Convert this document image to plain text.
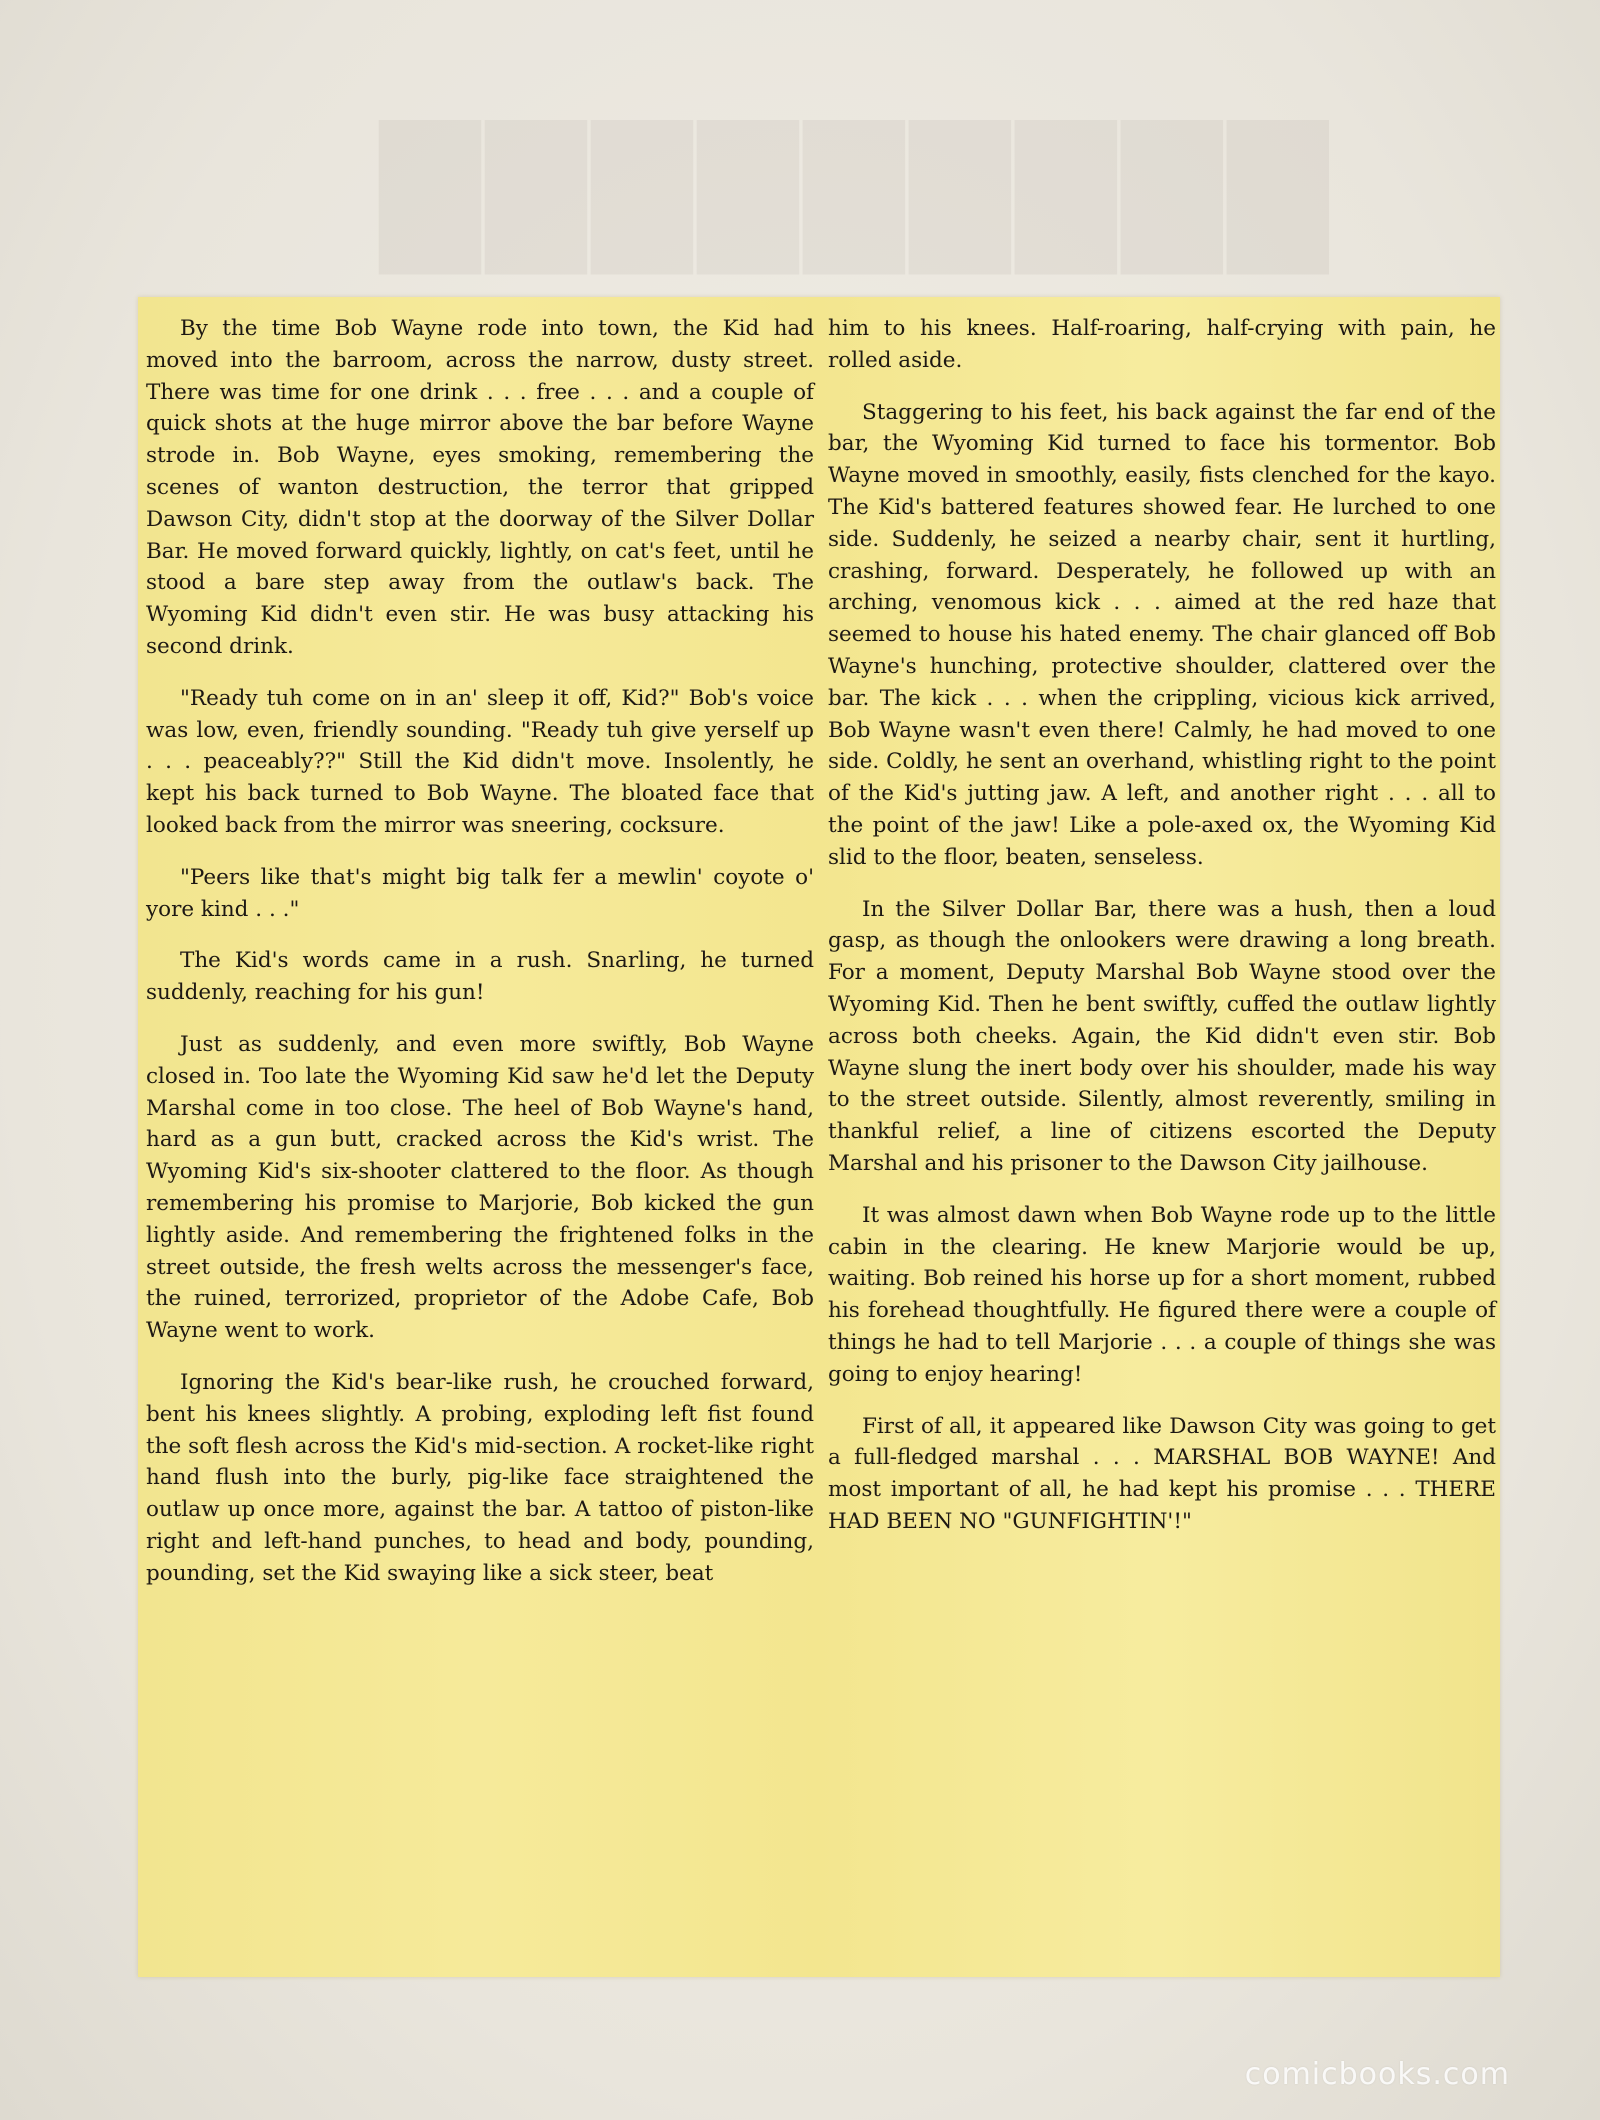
█████████

By the time Bob Wayne rode into town, the Kid had moved into the barroom, across the narrow, dusty street. There was time for one drink . . . free . . . and a couple of quick shots at the huge mirror above the bar before Wayne strode in. Bob Wayne, eyes smoking, remembering the scenes of wanton destruction, the terror that gripped Dawson City, didn't stop at the doorway of the Silver Dollar Bar. He moved forward quickly, lightly, on cat's feet, until he stood a bare step away from the outlaw's back. The Wyoming Kid didn't even stir. He was busy attacking his second drink.

"Ready tuh come on in an' sleep it off, Kid?" Bob's voice was low, even, friendly sounding. "Ready tuh give yerself up . . . peaceably??" Still the Kid didn't move. Insolently, he kept his back turned to Bob Wayne. The bloated face that looked back from the mirror was sneering, cocksure.

"Peers like that's might big talk fer a mewlin' coyote o' yore kind . . ."

The Kid's words came in a rush. Snarling, he turned suddenly, reaching for his gun!

Just as suddenly, and even more swiftly, Bob Wayne closed in. Too late the Wyoming Kid saw he'd let the Deputy Marshal come in too close. The heel of Bob Wayne's hand, hard as a gun butt, cracked across the Kid's wrist. The Wyoming Kid's six-shooter clattered to the floor. As though remembering his promise to Marjorie, Bob kicked the gun lightly aside. And remembering the frightened folks in the street outside, the fresh welts across the messenger's face, the ruined, terrorized, proprietor of the Adobe Cafe, Bob Wayne went to work.

Ignoring the Kid's bear-like rush, he crouched forward, bent his knees slightly. A probing, exploding left fist found the soft flesh across the Kid's mid-section. A rocket-like right hand flush into the burly, pig-like face straightened the outlaw up once more, against the bar. A tattoo of piston-like right and left-hand punches, to head and body, pounding, pounding, set the Kid swaying like a sick steer, beat

him to his knees. Half-roaring, half-crying with pain, he rolled aside.

Staggering to his feet, his back against the far end of the bar, the Wyoming Kid turned to face his tormentor. Bob Wayne moved in smoothly, easily, fists clenched for the kayo. The Kid's battered features showed fear. He lurched to one side. Suddenly, he seized a nearby chair, sent it hurtling, crashing, forward. Desperately, he followed up with an arching, venomous kick . . . aimed at the red haze that seemed to house his hated enemy. The chair glanced off Bob Wayne's hunching, protective shoulder, clattered over the bar. The kick . . . when the crippling, vicious kick arrived, Bob Wayne wasn't even there! Calmly, he had moved to one side. Coldly, he sent an overhand, whistling right to the point of the Kid's jutting jaw. A left, and another right . . . all to the point of the jaw! Like a pole-axed ox, the Wyoming Kid slid to the floor, beaten, senseless.

In the Silver Dollar Bar, there was a hush, then a loud gasp, as though the onlookers were drawing a long breath. For a moment, Deputy Marshal Bob Wayne stood over the Wyoming Kid. Then he bent swiftly, cuffed the outlaw lightly across both cheeks. Again, the Kid didn't even stir. Bob Wayne slung the inert body over his shoulder, made his way to the street outside. Silently, almost reverently, smiling in thankful relief, a line of citizens escorted the Deputy Marshal and his prisoner to the Dawson City jailhouse.

It was almost dawn when Bob Wayne rode up to the little cabin in the clearing. He knew Marjorie would be up, waiting. Bob reined his horse up for a short moment, rubbed his forehead thoughtfully. He figured there were a couple of things he had to tell Marjorie . . . a couple of things she was going to enjoy hearing!

First of all, it appeared like Dawson City was going to get a full-fledged marshal . . . MARSHAL BOB WAYNE! And most important of all, he had kept his promise . . . THERE HAD BEEN NO "GUNFIGHTIN'!"

comicbooks.com
